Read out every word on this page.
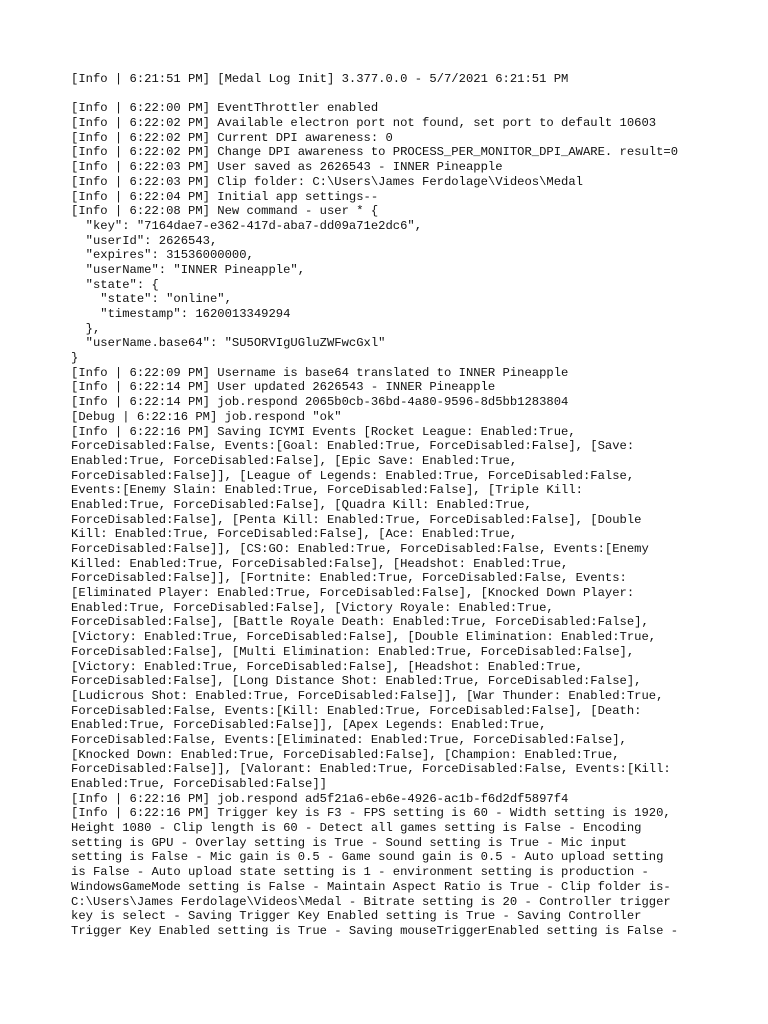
[Info | 6:21:51 PM] [Medal Log Init] 3.377.0.0 - 5/7/2021 6:21:51 PM
[Info | 6:22:00 PM] EventThrottler enabled
[Info | 6:22:02 PM] Available electron port not found, set port to default 10603
[Info | 6:22:02 PM] Current DPI awareness: 0
[Info | 6:22:02 PM] Change DPI awareness to PROCESS_PER_MONITOR_DPI_AWARE. result=0
[Info | 6:22:03 PM] User saved as 2626543 - INNER Pineapple
[Info | 6:22:03 PM] Clip folder: C:\Users\James Ferdolage\Videos\Medal
[Info | 6:22:04 PM] Initial app settings--
[Info | 6:22:08 PM] New command - user * {
"key": "7164dae7-e362-417d-aba7-dd09a71e2dc6",
"userId": 2626543,
"expires": 31536000000,
"userName": "INNER Pineapple",
"state": {
"state": "online",
"timestamp": 1620013349294
},
"userName.base64": "SU5ORVIgUGluZWFwcGxl"
}
[Info | 6:22:09 PM] Username is base64 translated to INNER Pineapple
[Info | 6:22:14 PM] User updated 2626543 - INNER Pineapple
[Info | 6:22:14 PM] job.respond 2065b0cb-36bd-4a80-9596-8d5bb1283804
[Debug | 6:22:16 PM] job.respond "ok"
[Info | 6:22:16 PM] Saving ICYMI Events [Rocket League: Enabled:True,
ForceDisabled:False, Events:[Goal: Enabled:True, ForceDisabled:False], [Save:
Enabled:True, ForceDisabled:False], [Epic Save: Enabled:True,
ForceDisabled:False]], [League of Legends: Enabled:True, ForceDisabled:False,
Events:[Enemy Slain: Enabled:True, ForceDisabled:False], [Triple Kill:
Enabled:True, ForceDisabled:False], [Quadra Kill: Enabled:True,
ForceDisabled:False], [Penta Kill: Enabled:True, ForceDisabled:False], [Double
Kill: Enabled:True, ForceDisabled:False], [Ace: Enabled:True,
ForceDisabled:False]], [CS:GO: Enabled:True, ForceDisabled:False, Events:[Enemy
Killed: Enabled:True, ForceDisabled:False], [Headshot: Enabled:True,
ForceDisabled:False]], [Fortnite: Enabled:True, ForceDisabled:False, Events:
[Eliminated Player: Enabled:True, ForceDisabled:False], [Knocked Down Player:
Enabled:True, ForceDisabled:False], [Victory Royale: Enabled:True,
ForceDisabled:False], [Battle Royale Death: Enabled:True, ForceDisabled:False],
[Victory: Enabled:True, ForceDisabled:False], [Double Elimination: Enabled:True,
ForceDisabled:False], [Multi Elimination: Enabled:True, ForceDisabled:False],
[Victory: Enabled:True, ForceDisabled:False], [Headshot: Enabled:True,
ForceDisabled:False], [Long Distance Shot: Enabled:True, ForceDisabled:False],
[Ludicrous Shot: Enabled:True, ForceDisabled:False]], [War Thunder: Enabled:True,
ForceDisabled:False, Events:[Kill: Enabled:True, ForceDisabled:False], [Death:
Enabled:True, ForceDisabled:False]], [Apex Legends: Enabled:True,
ForceDisabled:False, Events:[Eliminated: Enabled:True, ForceDisabled:False],
[Knocked Down: Enabled:True, ForceDisabled:False], [Champion: Enabled:True,
ForceDisabled:False]], [Valorant: Enabled:True, ForceDisabled:False, Events:[Kill:
Enabled:True, ForceDisabled:False]]
[Info | 6:22:16 PM] job.respond ad5f21a6-eb6e-4926-ac1b-f6d2df5897f4
[Info | 6:22:16 PM] Trigger key is F3 - FPS setting is 60 - Width setting is 1920,
Height 1080 - Clip length is 60 - Detect all games setting is False - Encoding
setting is GPU - Overlay setting is True - Sound setting is True - Mic input
setting is False - Mic gain is 0.5 - Game sound gain is 0.5 - Auto upload setting
is False - Auto upload state setting is 1 - environment setting is production -
WindowsGameMode setting is False - Maintain Aspect Ratio is True - Clip folder is-
C:\Users\James Ferdolage\Videos\Medal - Bitrate setting is 20 - Controller trigger
key is select - Saving Trigger Key Enabled setting is True - Saving Controller
Trigger Key Enabled setting is True - Saving mouseTriggerEnabled setting is False -
